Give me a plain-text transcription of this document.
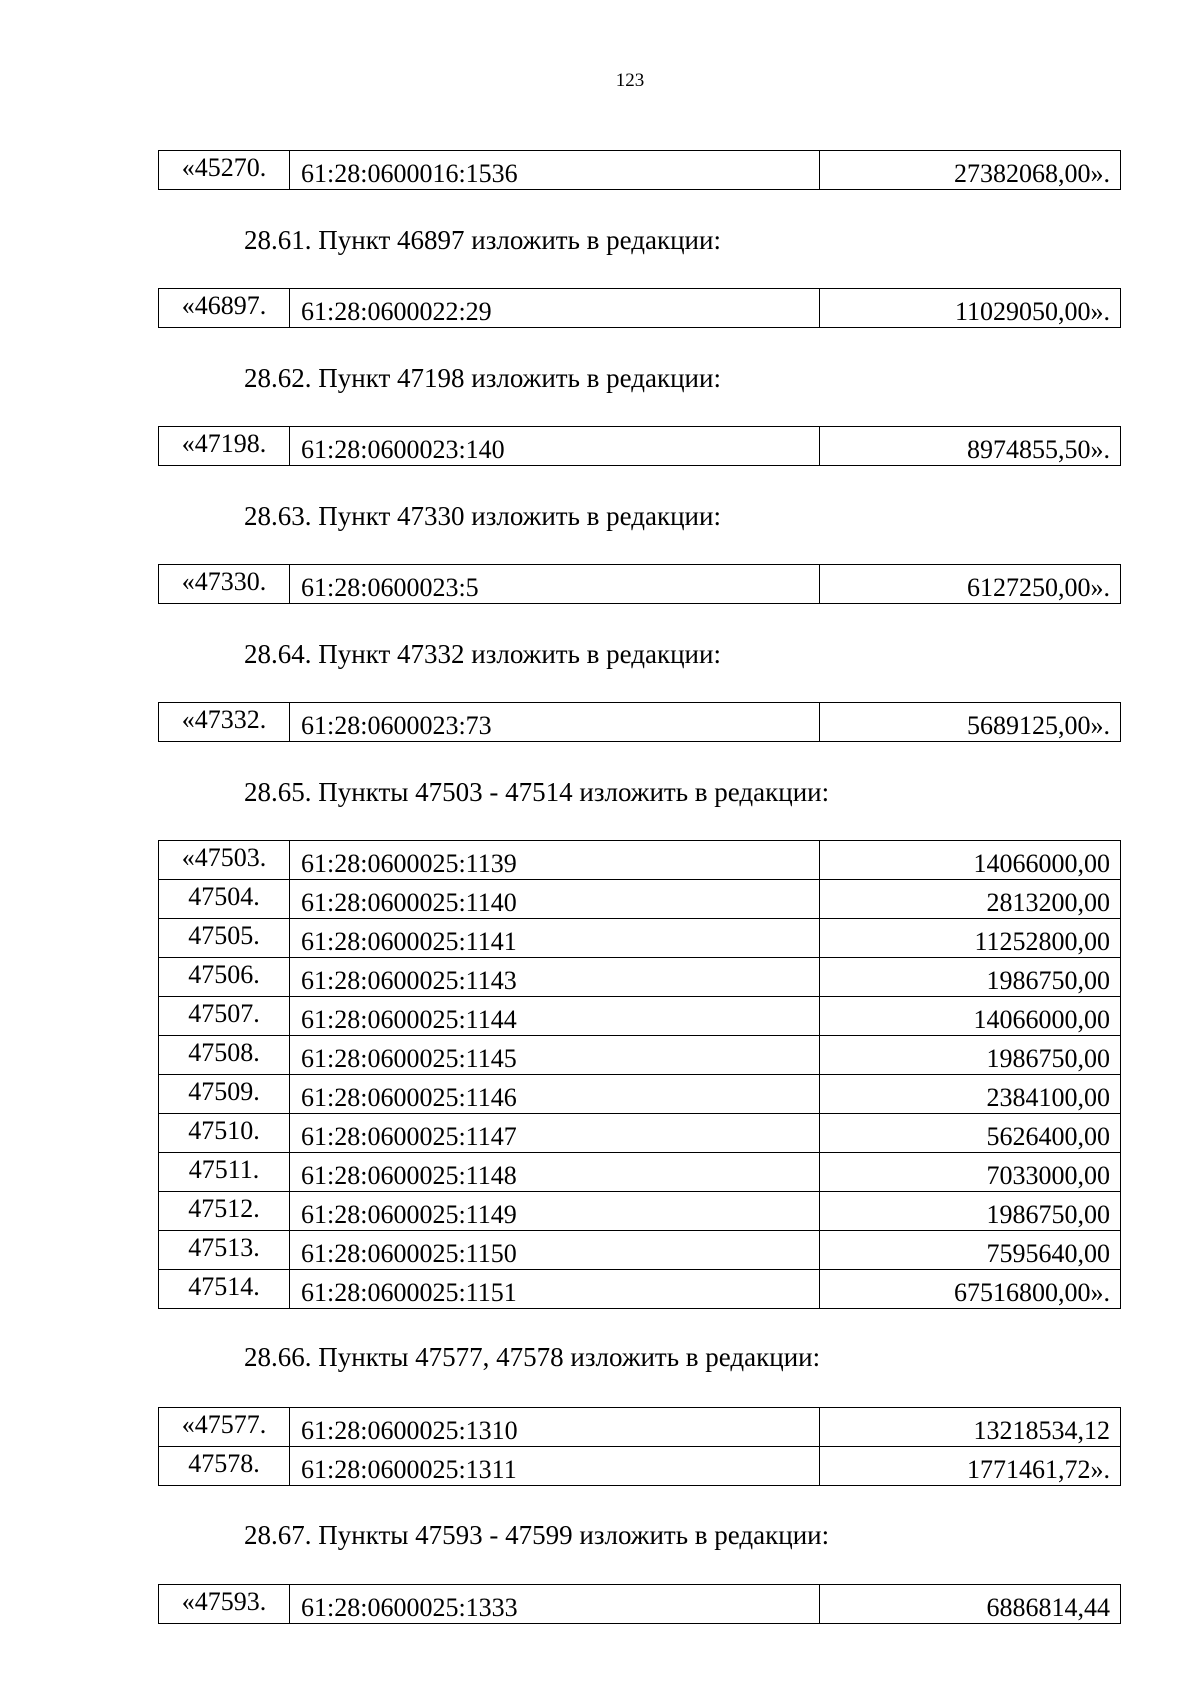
123
«45270.	61:28:0600016:1536	27382068,00».
28.61. Пункт 46897 изложить в редакции:
«46897.	61:28:0600022:29	11029050,00».
28.62. Пункт 47198 изложить в редакции:
«47198.	61:28:0600023:140	8974855,50».
28.63. Пункт 47330 изложить в редакции:
«47330.	61:28:0600023:5	6127250,00».
28.64. Пункт 47332 изложить в редакции:
«47332.	61:28:0600023:73	5689125,00».
28.65. Пункты 47503 - 47514 изложить в редакции:
«47503.	61:28:0600025:1139	14066000,00
47504.	61:28:0600025:1140	2813200,00
47505.	61:28:0600025:1141	11252800,00
47506.	61:28:0600025:1143	1986750,00
47507.	61:28:0600025:1144	14066000,00
47508.	61:28:0600025:1145	1986750,00
47509.	61:28:0600025:1146	2384100,00
47510.	61:28:0600025:1147	5626400,00
47511.	61:28:0600025:1148	7033000,00
47512.	61:28:0600025:1149	1986750,00
47513.	61:28:0600025:1150	7595640,00
47514.	61:28:0600025:1151	67516800,00».
28.66. Пункты 47577, 47578 изложить в редакции:
«47577.	61:28:0600025:1310	13218534,12
47578.	61:28:0600025:1311	1771461,72».
28.67. Пункты 47593 - 47599 изложить в редакции:
«47593.	61:28:0600025:1333	6886814,44
